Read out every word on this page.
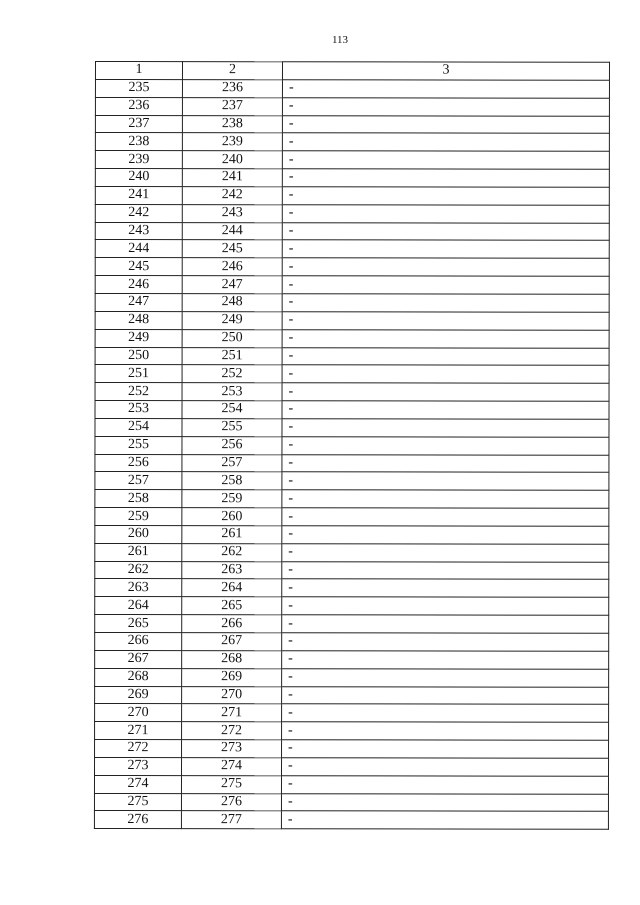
113
1	2	3
235	236	-
236	237	-
237	238	-
238	239	-
239	240	-
240	241	-
241	242	-
242	243	-
243	244	-
244	245	-
245	246	-
246	247	-
247	248	-
248	249	-
249	250	-
250	251	-
251	252	-
252	253	-
253	254	-
254	255	-
255	256	-
256	257	-
257	258	-
258	259	-
259	260	-
260	261	-
261	262	-
262	263	-
263	264	-
264	265	-
265	266	-
266	267	-
267	268	-
268	269	-
269	270	-
270	271	-
271	272	-
272	273	-
273	274	-
274	275	-
275	276	-
276	277	-
